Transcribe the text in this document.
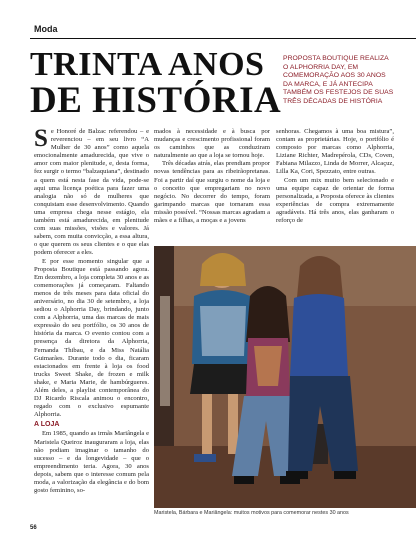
Moda
TRINTA ANOS
DE HISTÓRIA
PROPOSTA BOUTIQUE REALIZA O ALPHORRIA DAY, EM COMEMORAÇÃO AOS 30 ANOS DA MARCA, E JÁ ANTECIPA TAMBÉM OS FESTEJOS DE SUAS TRÊS DÉCADAS DE HISTÓRIA

Se Honoré de Balzac referendou – e reverenciou – em seu livro “A Mulher de 30 anos” como aquela emocionalmente amadurecida, que vive o amor com maior plenitude, e, desta forma, fez surgir o termo “balzaquiana”, destinado a quem está nesta fase da vida, pode-se aqui uma licença poética para fazer uma analogia não só de mulheres que conquistam esse desenvolvimento. Quando uma empresa chega nesse estágio, ela também está amadurecida, em plenitude com suas missões, visões e valores. Já sabem, com muita convicção, a essa altura, o que querem os seus clientes e o que elas podem oferecer a eles.

E por esse momento singular que a Proposta Boutique está passando agora. Em dezembro, a loja completa 30 anos e as comemorações já começaram. Faltando menos de três meses para data oficial do aniversário, no dia 30 de setembro, a loja sediou o Alphorria Day, brindando, junto com a Alphorria, uma das marcas de mais expressão do seu portfólio, os 30 anos de história da marca. O evento contou com a presença da diretora da Alphorria, Fernanda Thibau, e da Miss Natália Guimarães. Durante todo o dia, ficaram estacionados em frente à loja os food trucks Sweet Shake, de frozen e milk shake, e Maria Marie, de hambúrgueres. Além deles, a playlist contemporânea do DJ Ricardo Riscala animou o encontro, regado com o exclusivo espumante Alphorria.

A LOJA

Em 1985, quando as irmãs Mariângela e Maristela Queiroz inauguraram a loja, elas não podiam imaginar o tamanho do sucesso – e da longevidade – que o empreendimento teria. Agora, 30 anos depois, sabem que o interesse comum pela moda, a valorização da elegância e do bom gosto feminino, so-

mados à necessidade e à busca por mudanças e crescimento profissional foram os caminhos que as conduziram naturalmente ao que a loja se tornou hoje.

Três décadas atrás, elas prendiam propor novas tendências para as ribeirãopretanas. Foi a partir daí que surgiu o nome da loja e o conceito que empregariam no novo negócio. No decorrer do tempo, foram garimpando marcas que tornaram essa missão possível. “Nossas marcas agradam a mães e a filhas, a moças e a jovens

senhoras. Chegamos à uma boa mistura”, contam as proprietárias. Hoje, o portfólio é composto por marcas como Alphorria, Liziane Richter, Madrepérola, CDs, Coven, Fabiana Milazzo, Linda de Morrer, Alcaçuz, Lilla Ka, Cori, Spezzato, entre outras.

Com um mix muito bem selecionado e uma equipe capaz de orientar de forma personalizada, a Proposta oferece às clientes experiências de compra extremamente agradáveis. Há três anos, elas ganharam o reforço de

Maristela, Bárbara e Mariângela: muitos motivos para comemorar nestes 30 anos
56
